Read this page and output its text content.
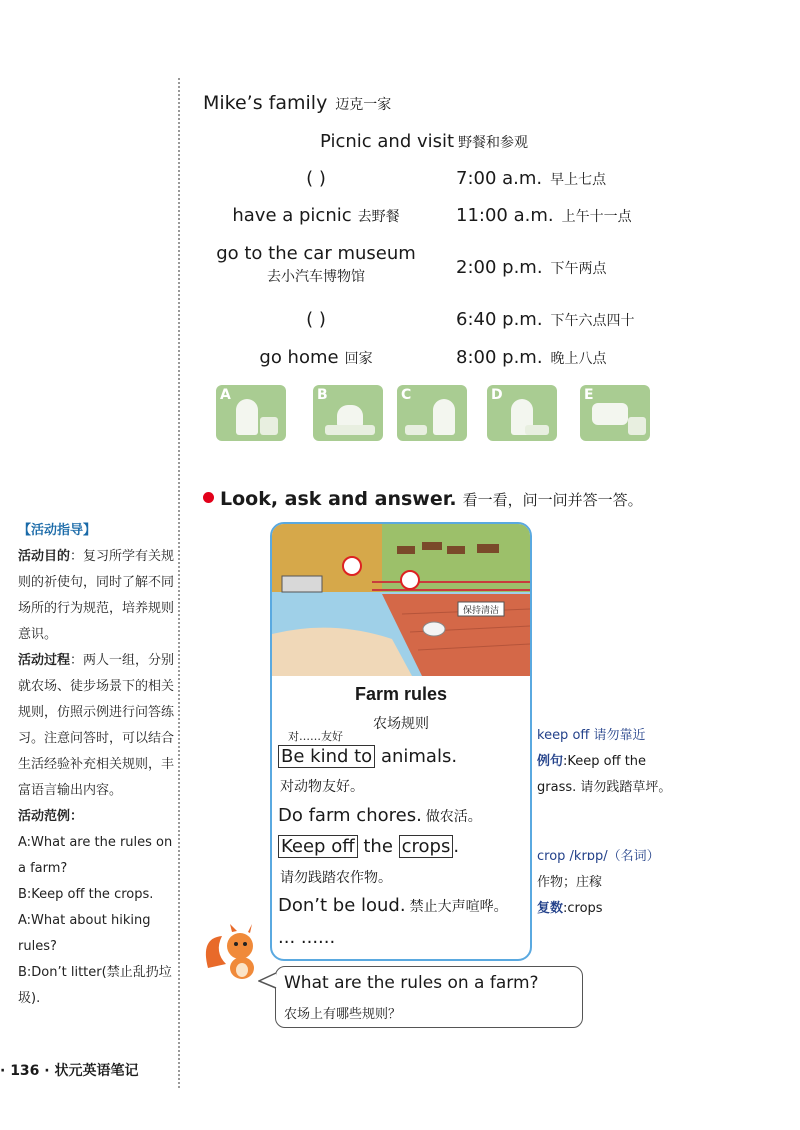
Mike’s family 迈克一家
Picnic and visit 野餐和参观
( )	7:00 a.m. 早上七点
have a picnic 去野餐	11:00 a.m. 上午十一点
go to the car museum
去小汽车博物馆	2:00 p.m. 下午两点
( )	6:40 p.m. 下午六点四十
go home 回家	8:00 p.m. 晚上八点
A	B	C	D	E
Look, ask and answer. 看一看，问一问并答一答。
保持清洁
Farm rules
农场规则
对……友好
Be kind to animals.
对动物友好。
Do farm chores. 做农活。
Keep off the crops .
请勿践踏农作物。
Don’t be loud. 禁止大声喧哗。
... ......
keep off 请勿靠近
例句:Keep off the
grass. 请勿践踏草坪。
crop /krɒp/（名词）
作物；庄稼
复数:crops
【活动指导】
活动目的：复习所学有关规则的祈使句，同时了解不同场所的行为规范，培养规则意识。
活动过程：两人一组，分别就农场、徒步场景下的相关规则，仿照示例进行问答练习。注意问答时，可以结合生活经验补充相关规则，丰富语言输出内容。
活动范例：
A:What are the rules on a farm?
B:Keep off the crops.
A:What about hiking rules?
B:Don’t litter(禁止乱扔垃圾).
What are the rules on a farm?
农场上有哪些规则？
· 136 · 状元英语笔记
